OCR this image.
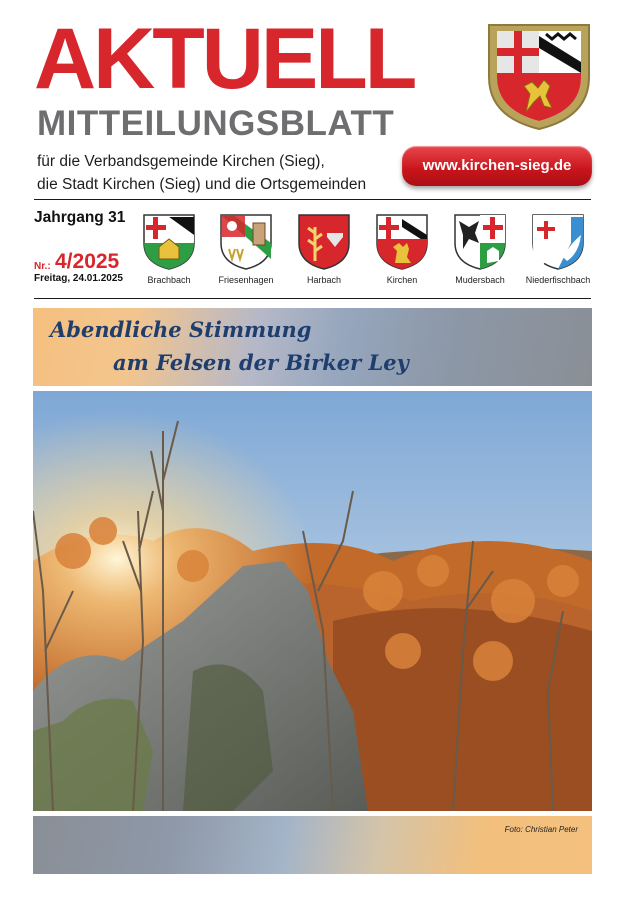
AKTUELL
MITTEILUNGSBLATT
für die Verbandsgemeinde Kirchen (Sieg),
die Stadt Kirchen (Sieg) und die Ortsgemeinden
www.kirchen-sieg.de
Jahrgang 31
Nr.: 4/2025
Freitag, 24.01.2025	Brachbach	Friesenhagen	Harbach	Kirchen	Mudersbach	Niederfischbach
Abendliche Stimmung
am Felsen der Birker Ley
Foto: Christian Peter
